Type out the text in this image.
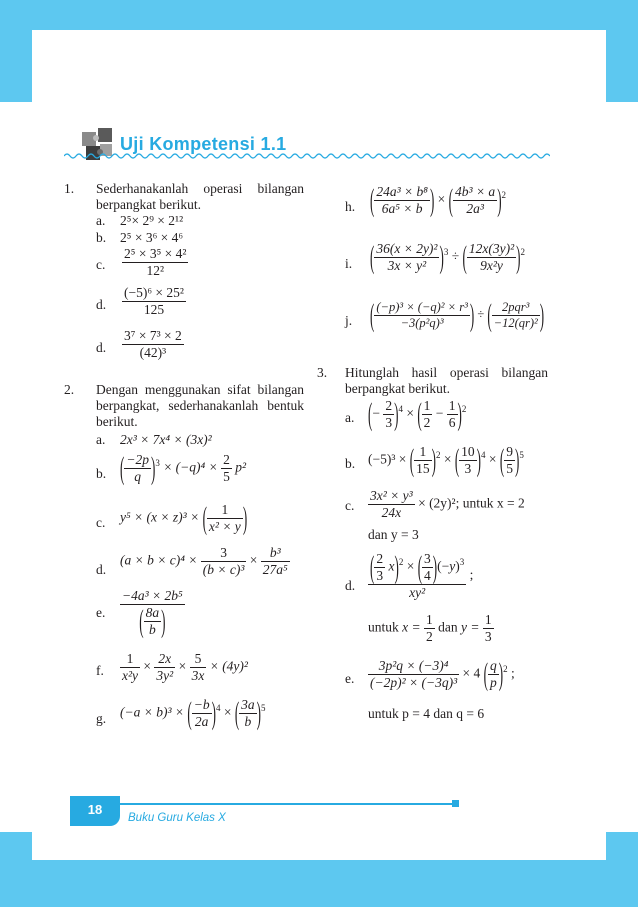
Uji Kompetensi 1.1
1. Sederhanakanlah operasi bilangan
berpangkat berikut.
a. 2⁵× 2⁹ × 2¹²
b. 2⁵ × 3⁶ × 4⁶
c. $\frac{\text{2⁵ × 3⁵ × 4²}}{\text{12²}}$
d. $\frac{\text{(−5)⁶ × 25²}}{125}$
d. $\frac{\text{3⁷ × 7³ × 2}}{\text{(42)³}}$
2. Dengan menggunakan sifat bilangan
berpangkat, sederhanakanlah bentuk
berikut.
a. 2x³ × 7x⁴ × (3x)²
b. ( $\frac{-2p}{q} )^3 \times (-q)^4 \times \frac{2}{5} p^2$
c. y⁵ × (x × z)³ × ( $\frac{1}{\text{x² × y}}$ )
d.
$(a \times b \times c)^4 \times \frac{3}{\text{(b × c)³}} \times \frac{\text{b³}}{\text{27a⁵}}$
e. $\frac{\text{−4a³ × 2b⁵}}{( \frac{8a}{b} )}$
f. $\frac{1}{\text{x²y}} \times \frac{2x}{\text{3y²}} \times \frac{5}{3x} \times (4y)^2$
g. (−a × b)³ × ( $\frac{-b}{2a} )^4$ × ( $\frac{3a}{b} )^5$
h. ( $\frac{\text{24a³ × b⁸}}{\text{6a⁵ × b}}$ ) × ( $\frac{\text{4b³ × a}}{\text{2a³}} )^2$
i. ( $\frac{\text{36(x × 2y)²}}{\text{3x × y²}} )^3$ ÷ ( $\frac{\text{12x(3y)²}}{\text{9x²y}} )^2$
j. ( $\frac{\text{(−p)³ × (−q)² × r³}}{\text{−3(p²q)³}}$ ) ÷ ( $\frac{\text{2pqr³}}{\text{−12(qr)²}}$ )
3. Hitunglah hasil operasi bilangan
berpangkat berikut.
a. (− $\frac{2}{3} )^4$ × ( $\frac{1}{2} - \frac{1}{6} )^2$
b. (−5)³ × ( $\frac{1}{15} )^2$ × ( $\frac{10}{3} )^4$ × ( $\frac{9}{5} )^5$
c. $\frac{\text{3x² × y³}}{24x} \times (2y)^2$; untuk x = 2
dan y = 3
d. $\frac{( \frac{2}{3} x)^2 \times ( \frac{3}{4} )(-y)^3}{\text{xy²}}$ ;
untuk $x = \frac{1}{2}$ dan $y = \frac{1}{3}$
e. $\frac{\text{3p²q × (−3)⁴}}{\text{(−2p)² × (−3q)³}} \times 4$ ( $\frac{q}{p} )^2$ ;
untuk p = 4 dan q = 6
18
Buku Guru Kelas X
